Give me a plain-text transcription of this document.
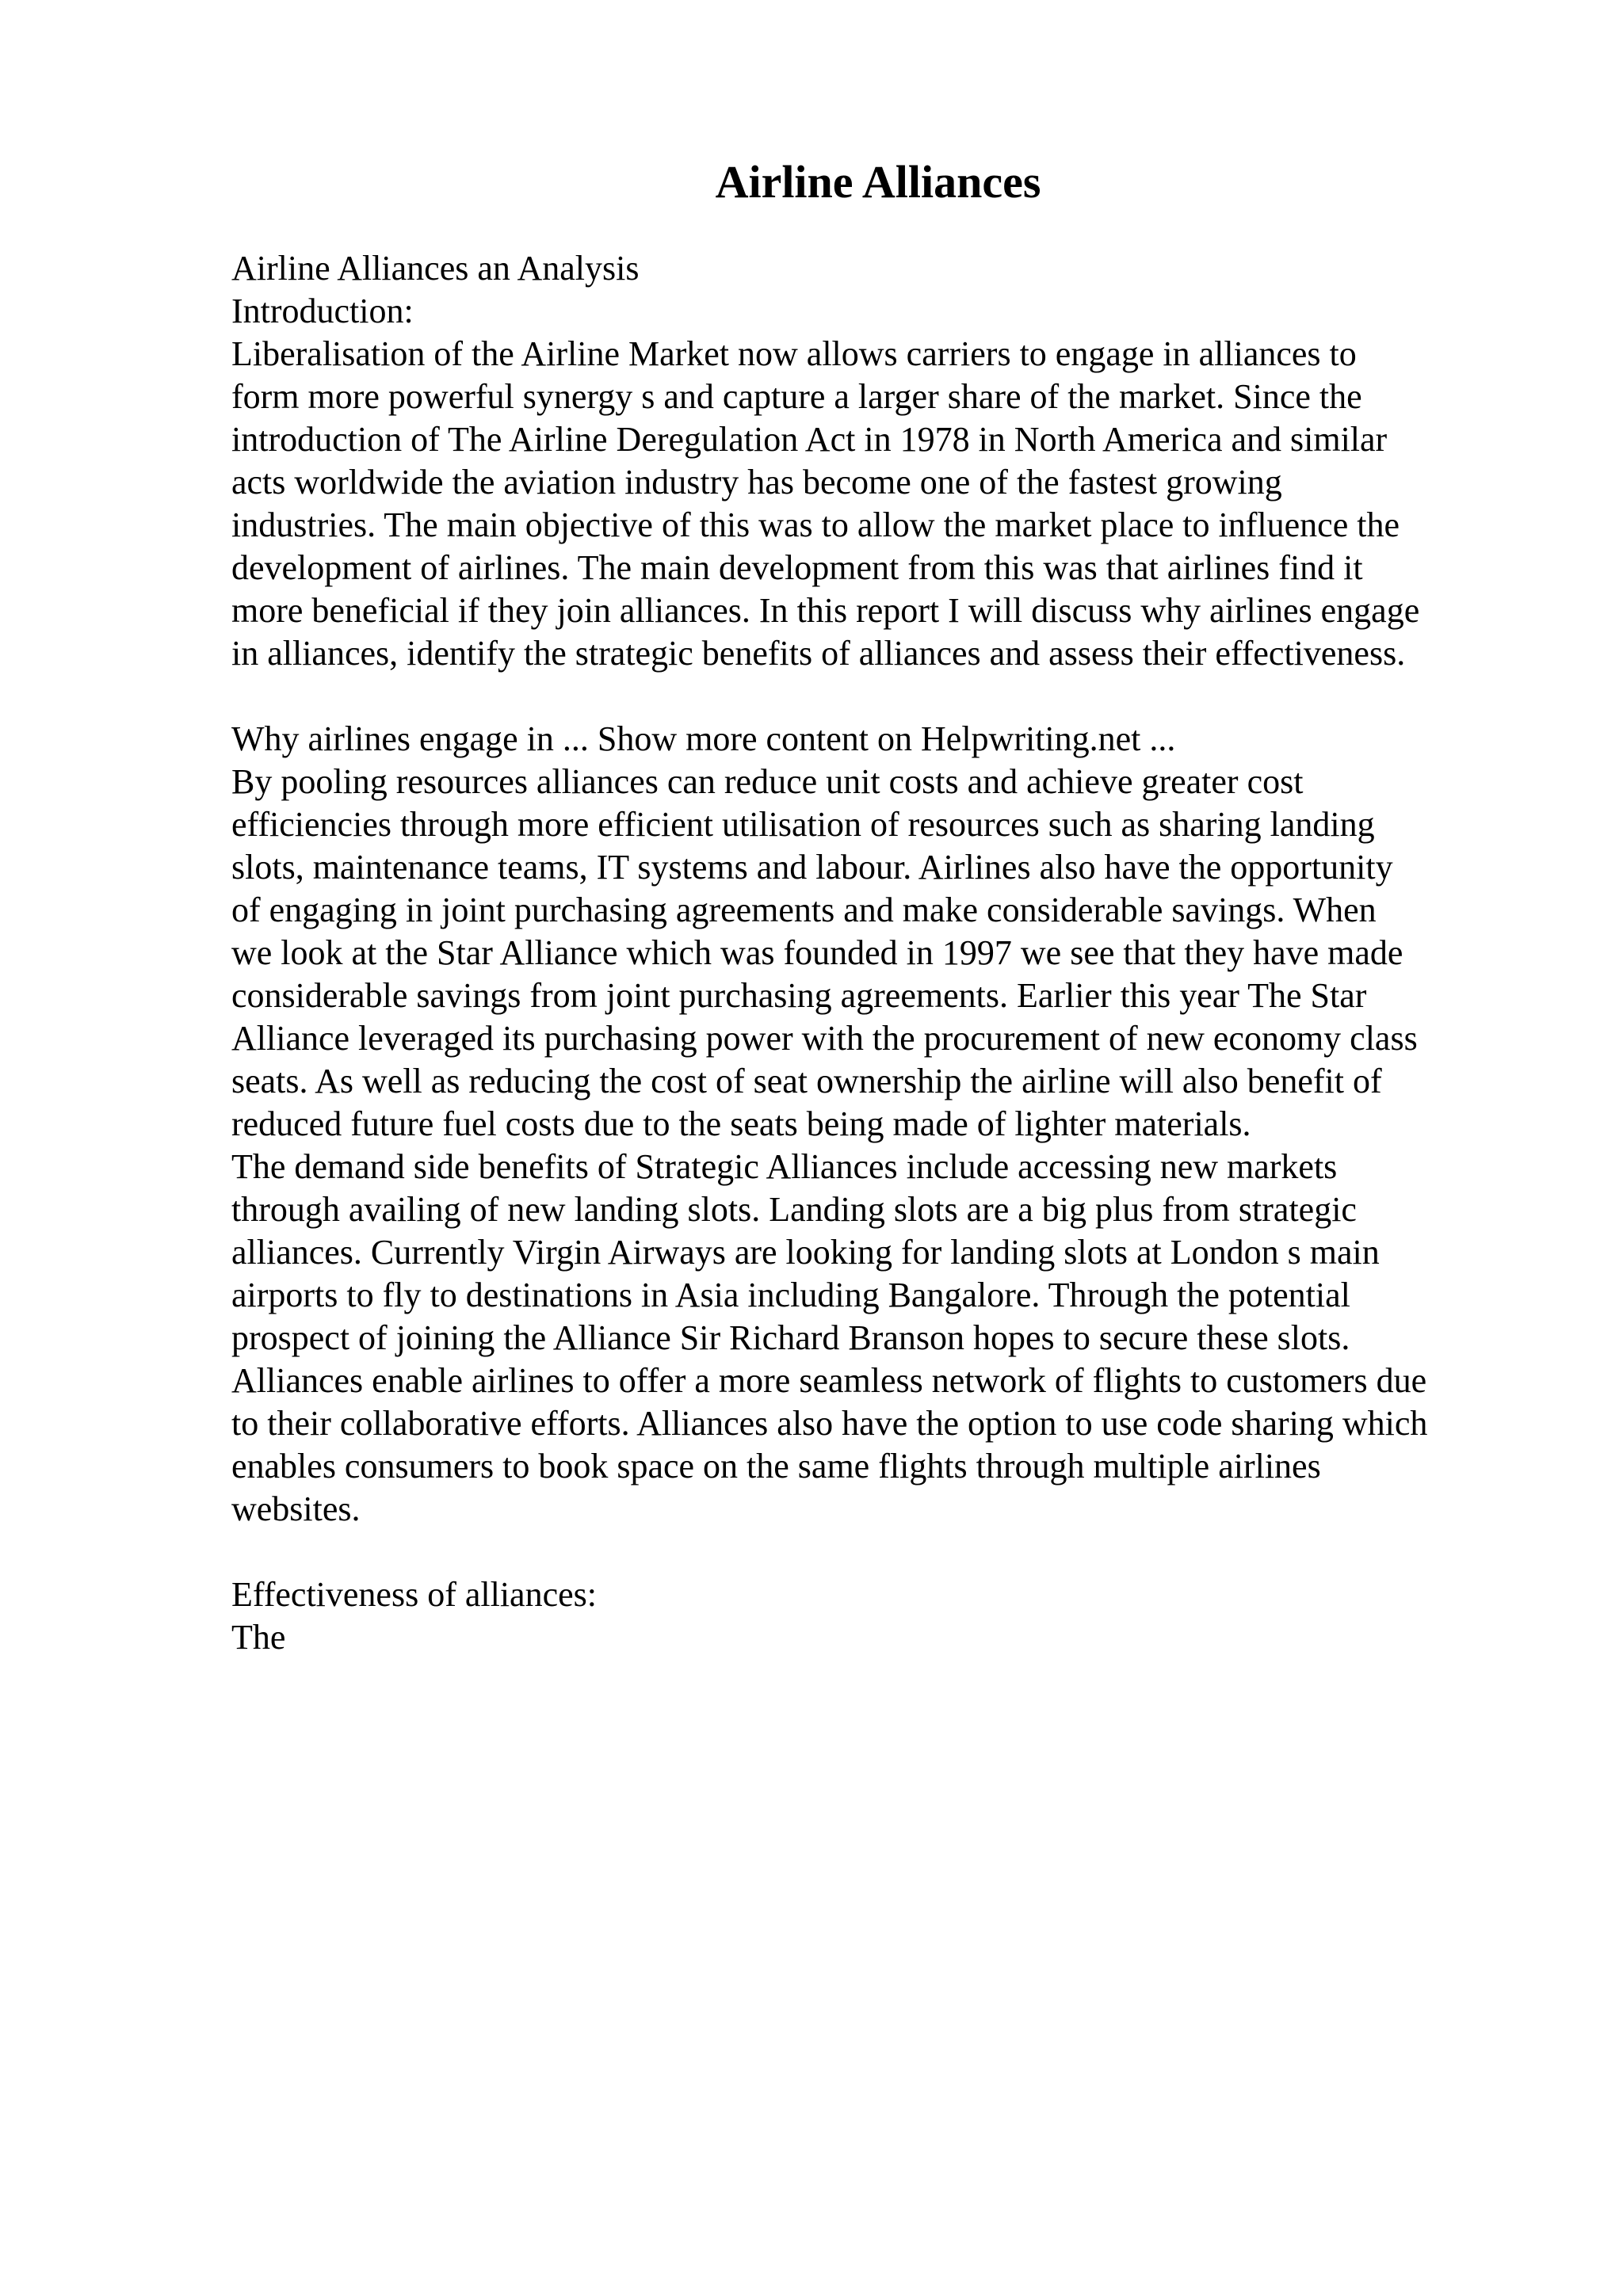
Airline Alliances

Airline Alliances an Analysis

Introduction:

Liberalisation of the Airline Market now allows carriers to engage in alliances to

form more powerful synergy s and capture a larger share of the market. Since the

introduction of The Airline Deregulation Act in 1978 in North America and similar

acts worldwide the aviation industry has become one of the fastest growing

industries. The main objective of this was to allow the market place to influence the

development of airlines. The main development from this was that airlines find it

more beneficial if they join alliances. In this report I will discuss why airlines engage

in alliances, identify the strategic benefits of alliances and assess their effectiveness.

Why airlines engage in ... Show more content on Helpwriting.net ...

By pooling resources alliances can reduce unit costs and achieve greater cost

efficiencies through more efficient utilisation of resources such as sharing landing

slots, maintenance teams, IT systems and labour. Airlines also have the opportunity

of engaging in joint purchasing agreements and make considerable savings. When

we look at the Star Alliance which was founded in 1997 we see that they have made

considerable savings from joint purchasing agreements. Earlier this year The Star

Alliance leveraged its purchasing power with the procurement of new economy class

seats. As well as reducing the cost of seat ownership the airline will also benefit of

reduced future fuel costs due to the seats being made of lighter materials.

The demand side benefits of Strategic Alliances include accessing new markets

through availing of new landing slots. Landing slots are a big plus from strategic

alliances. Currently Virgin Airways are looking for landing slots at London s main

airports to fly to destinations in Asia including Bangalore. Through the potential

prospect of joining the Alliance Sir Richard Branson hopes to secure these slots.

Alliances enable airlines to offer a more seamless network of flights to customers due

to their collaborative efforts. Alliances also have the option to use code sharing which

enables consumers to book space on the same flights through multiple airlines

websites.

Effectiveness of alliances:

The
